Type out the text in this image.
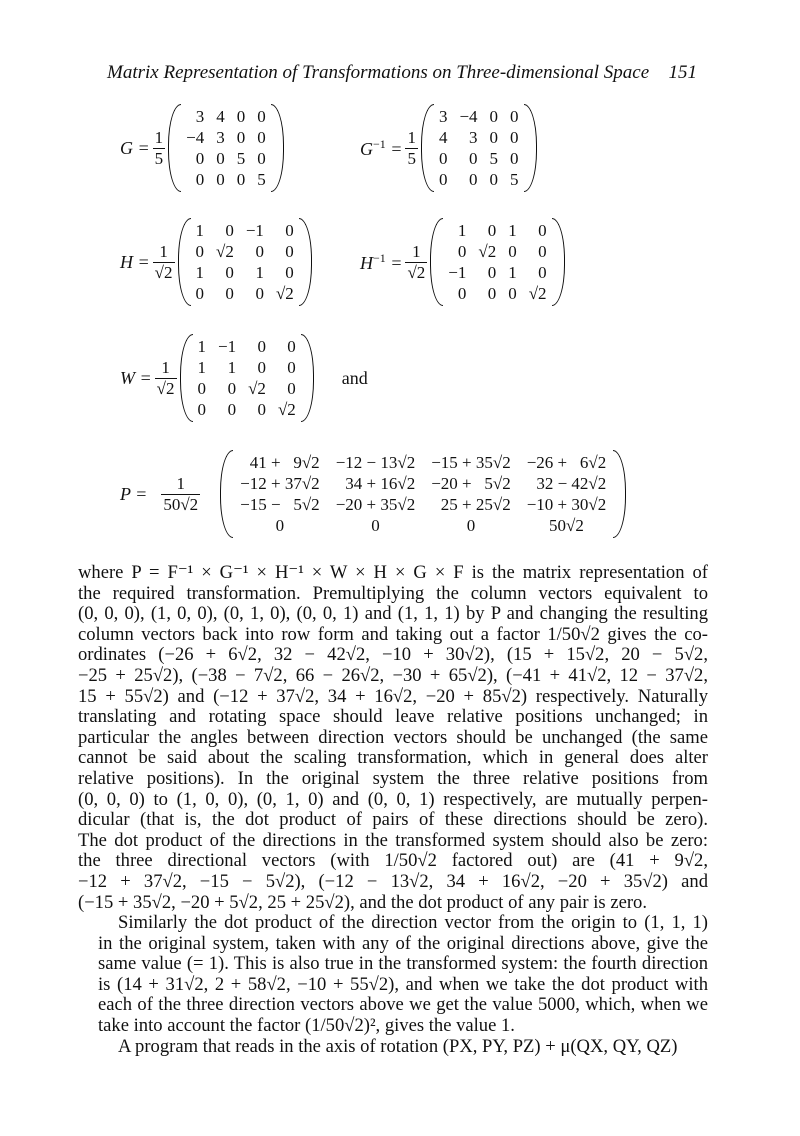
Matrix Representation of Transformations on Three-dimensional Space 151
$G = \frac{1}{5}$
3	4	0	0
−4	3	0	0
0	0	5	0
0	0	0	5
$G^{-1} = \frac{1}{5}$
3	−4	0	0
4	3	0	0
0	0	5	0
0	0	0	5
$H = \frac{1}{√2}$
1	0	−1	0
0	√2	0	0
1	0	1	0
0	0	0	√2
$H^{-1} = \frac{1}{√2}$
1	0	1	0
0	√2	0	0
−1	0	1	0
0	0	0	√2
$W = \frac{1}{√2}$
1	−1	0	0
1	1	0	0
0	0	√2	0
0	0	0	√2
and
$P = \frac{1}{50√2}$
41 +   9√2	−12 − 13√2	−15 + 35√2	−26 +   6√2
−12 + 37√2	34 + 16√2	−20 +   5√2	32 − 42√2
−15 −   5√2	−20 + 35√2	25 + 25√2	−10 + 30√2
0	0	0	50√2

where P = F⁻¹ × G⁻¹ × H⁻¹ × W × H × G × F is the matrix representation of
the required transformation. Premultiplying the column vectors equivalent to
(0, 0, 0), (1, 0, 0), (0, 1, 0), (0, 0, 1) and (1, 1, 1) by P and changing the resulting
column vectors back into row form and taking out a factor 1/50√2 gives the co-
ordinates (−26 + 6√2, 32 − 42√2, −10 + 30√2), (15 + 15√2, 20 − 5√2,
−25 + 25√2), (−38 − 7√2, 66 − 26√2, −30 + 65√2), (−41 + 41√2, 12 − 37√2,
15 + 55√2) and (−12 + 37√2, 34 + 16√2, −20 + 85√2) respectively. Naturally
translating and rotating space should leave relative positions unchanged; in
particular the angles between direction vectors should be unchanged (the same
cannot be said about the scaling transformation, which in general does alter
relative positions). In the original system the three relative positions from
(0, 0, 0) to (1, 0, 0), (0, 1, 0) and (0, 0, 1) respectively, are mutually perpen-
dicular (that is, the dot product of pairs of these directions should be zero).
The dot product of the directions in the transformed system should also be zero:
the three directional vectors (with 1/50√2 factored out) are (41 + 9√2,
−12 + 37√2, −15 − 5√2), (−12 − 13√2, 34 + 16√2, −20 + 35√2) and
(−15 + 35√2, −20 + 5√2, 25 + 25√2), and the dot product of any pair is zero.

Similarly the dot product of the direction vector from the origin to (1, 1, 1)
in the original system, taken with any of the original directions above, give the
same value (= 1). This is also true in the transformed system: the fourth direction
is (14 + 31√2, 2 + 58√2, −10 + 55√2), and when we take the dot product with
each of the three direction vectors above we get the value 5000, which, when we
take into account the factor (1/50√2)², gives the value 1.

A program that reads in the axis of rotation (PX, PY, PZ) + μ(QX, QY, QZ)
